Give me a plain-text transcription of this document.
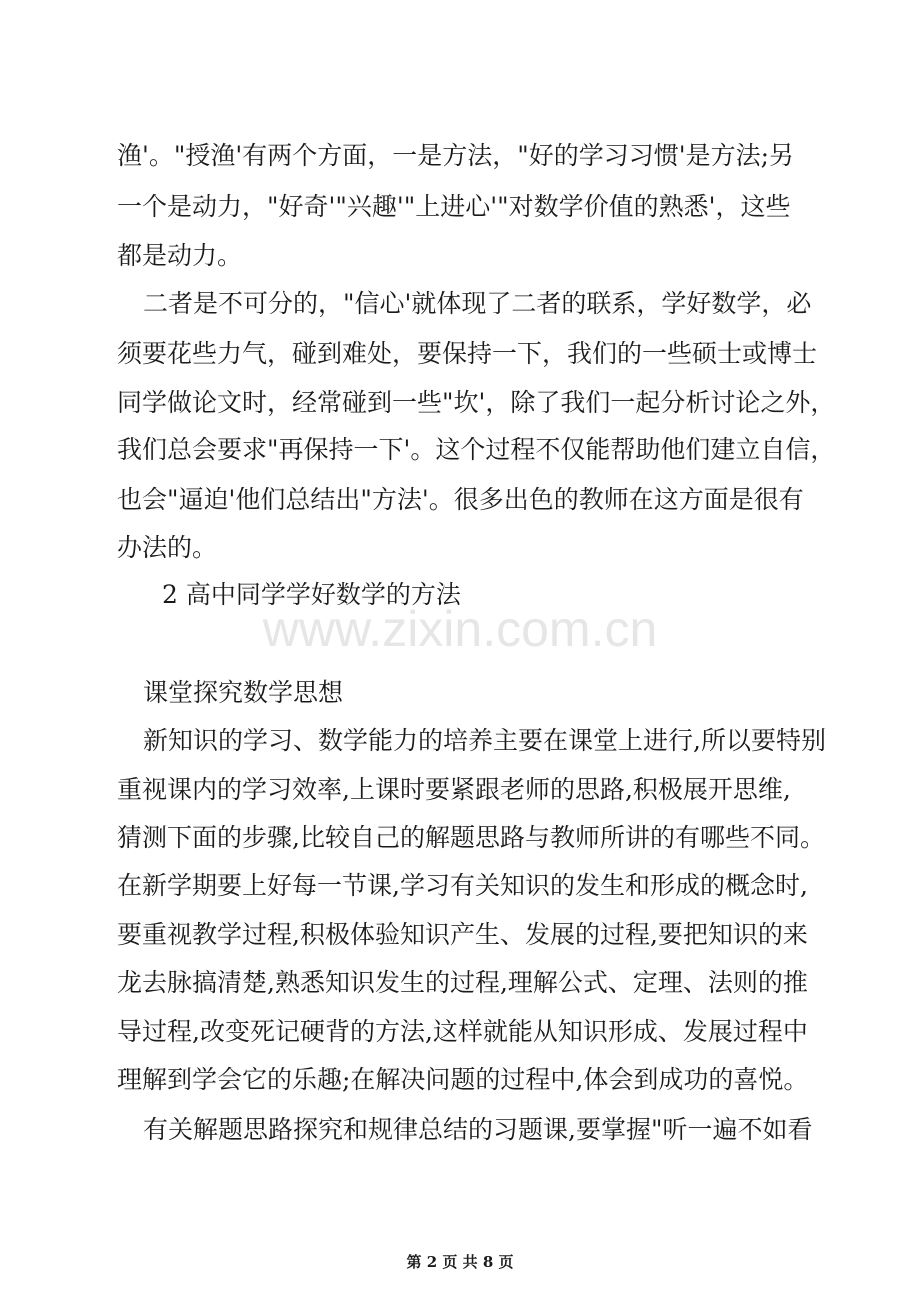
渔'。"授渔'有两个方面，一是方法，"好的学习习惯'是方法;另

一个是动力，"好奇'"兴趣'"上进心'"对数学价值的熟悉'，这些

都是动力。

二者是不可分的，"信心'就体现了二者的联系，学好数学，必

须要花些力气，碰到难处，要保持一下，我们的一些硕士或博士

同学做论文时，经常碰到一些"坎'，除了我们一起分析讨论之外，

我们总会要求"再保持一下'。这个过程不仅能帮助他们建立自信，

也会"逼迫'他们总结出"方法'。很多出色的教师在这方面是很有

办法的。

2 高中同学学好数学的方法

www.zixin.com.cn

课堂探究数学思想

新知识的学习、数学能力的培养主要在课堂上进行,所以要特别

重视课内的学习效率,上课时要紧跟老师的思路,积极展开思维,

猜测下面的步骤,比较自己的解题思路与教师所讲的有哪些不同。

在新学期要上好每一节课,学习有关知识的发生和形成的概念时,

要重视教学过程,积极体验知识产生、发展的过程,要把知识的来

龙去脉搞清楚,熟悉知识发生的过程,理解公式、定理、法则的推

导过程,改变死记硬背的方法,这样就能从知识形成、发展过程中

理解到学会它的乐趣;在解决问题的过程中,体会到成功的喜悦。

有关解题思路探究和规律总结的习题课,要掌握"听一遍不如看

第 2 页 共 8 页
